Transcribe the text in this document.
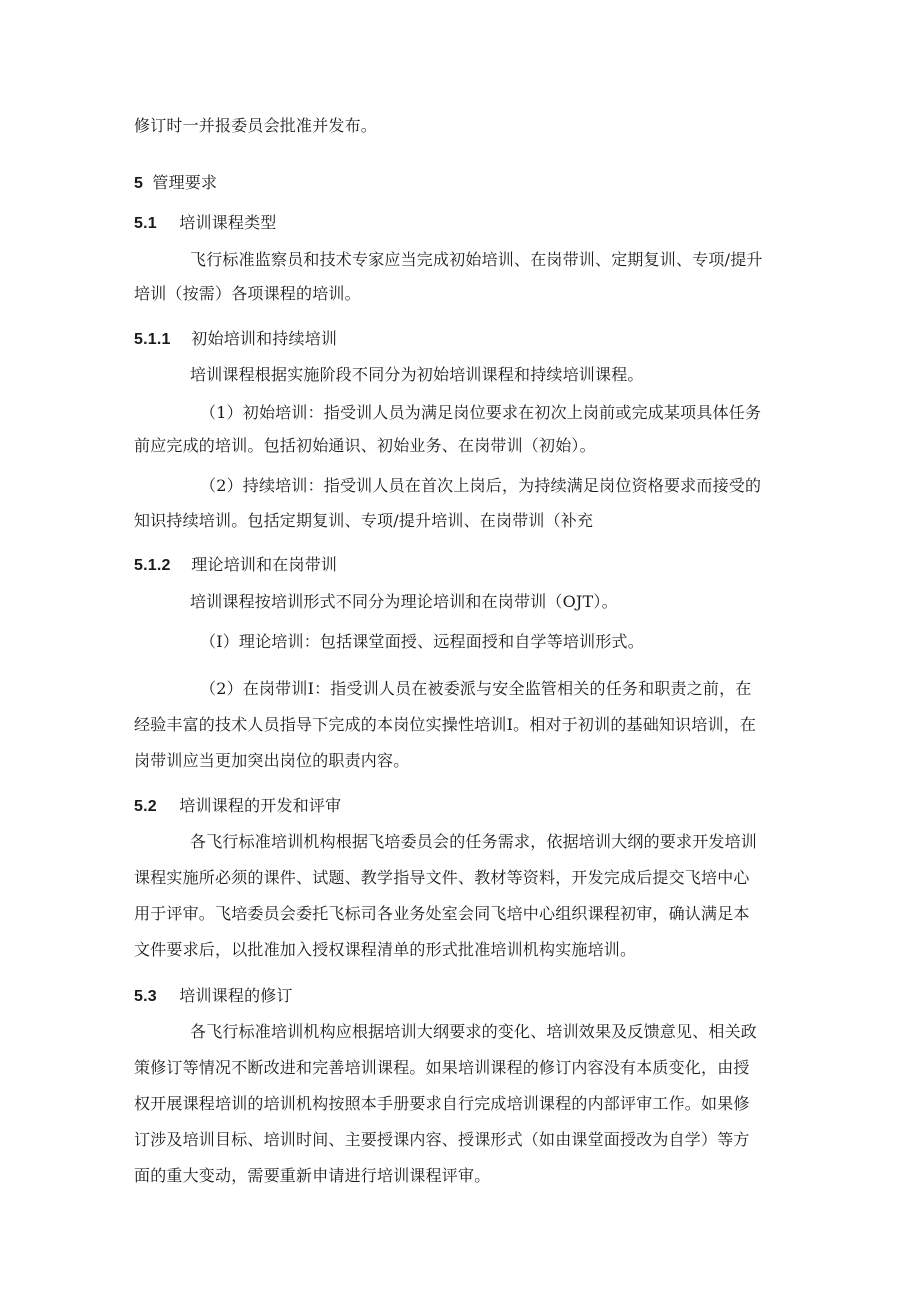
修订时一并报委员会批准并发布。
5 管理要求
5.1 培训课程类型
飞行标准监察员和技术专家应当完成初始培训、在岗带训、定期复训、专项/提升
培训（按需）各项课程的培训。
5.1.1 初始培训和持续培训
培训课程根据实施阶段不同分为初始培训课程和持续培训课程。
（1）初始培训：指受训人员为满足岗位要求在初次上岗前或完成某项具体任务
前应完成的培训。包括初始通识、初始业务、在岗带训（初始）。
（2）持续培训：指受训人员在首次上岗后，为持续满足岗位资格要求而接受的
知识持续培训。包括定期复训、专项/提升培训、在岗带训（补充
5.1.2 理论培训和在岗带训
培训课程按培训形式不同分为理论培训和在岗带训（OJT）。
（I）理论培训：包括课堂面授、远程面授和自学等培训形式。
（2）在岗带训I：指受训人员在被委派与安全监管相关的任务和职责之前，在
经验丰富的技术人员指导下完成的本岗位实操性培训I。相对于初训的基础知识培训，在
岗带训应当更加突出岗位的职责内容。
5.2 培训课程的开发和评审
各飞行标准培训机构根据飞培委员会的任务需求，依据培训大纲的要求开发培训
课程实施所必须的课件、试题、教学指导文件、教材等资料，开发完成后提交飞培中心
用于评审。飞培委员会委托飞标司各业务处室会同飞培中心组织课程初审，确认满足本
文件要求后，以批准加入授权课程清单的形式批准培训机构实施培训。
5.3 培训课程的修订
各飞行标准培训机构应根据培训大纲要求的变化、培训效果及反馈意见、相关政
策修订等情况不断改进和完善培训课程。如果培训课程的修订内容没有本质变化，由授
权开展课程培训的培训机构按照本手册要求自行完成培训课程的内部评审工作。如果修
订涉及培训目标、培训时间、主要授课内容、授课形式（如由课堂面授改为自学）等方
面的重大变动，需要重新申请进行培训课程评审。
